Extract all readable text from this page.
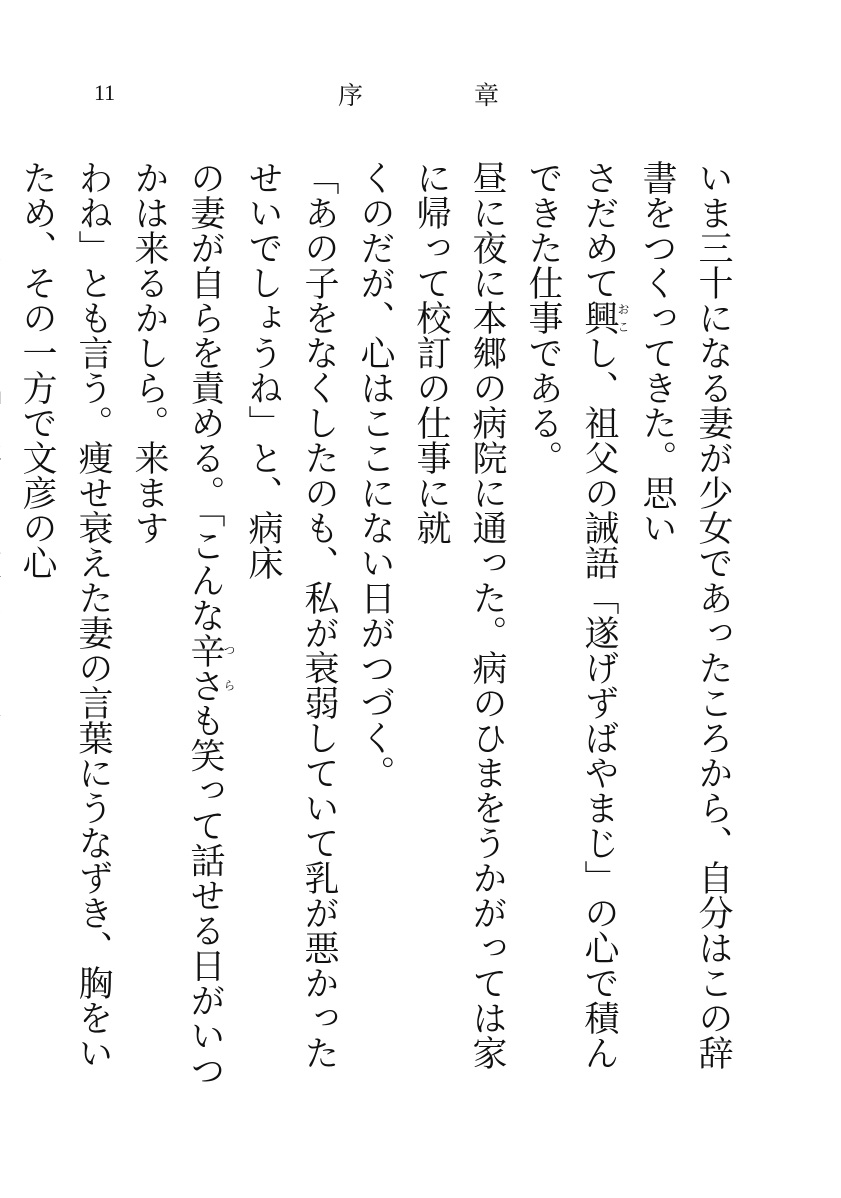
11	序	章
いま三十になる妻が少女であったころから、自分はこの辞書をつくってきた。思い
さだめて興おこし、祖父の誡語「遂げずばやまじ」の心で積んできた仕事である。
昼に夜に本郷の病院に通った。病のひまをうかがっては家に帰って校訂の仕事に就
くのだが、心はここにない日がつづく。
「あの子をなくしたのも、私が衰弱していて乳が悪かったせいでしょうね」と、病床
の妻が自らを責める。「こんな辛さつらも笑って話せる日がいつかは来るかしら。来ます
わね」とも言う。痩せ衰えた妻の言葉にうなずき、胸をいため、その一方で文彦の心
